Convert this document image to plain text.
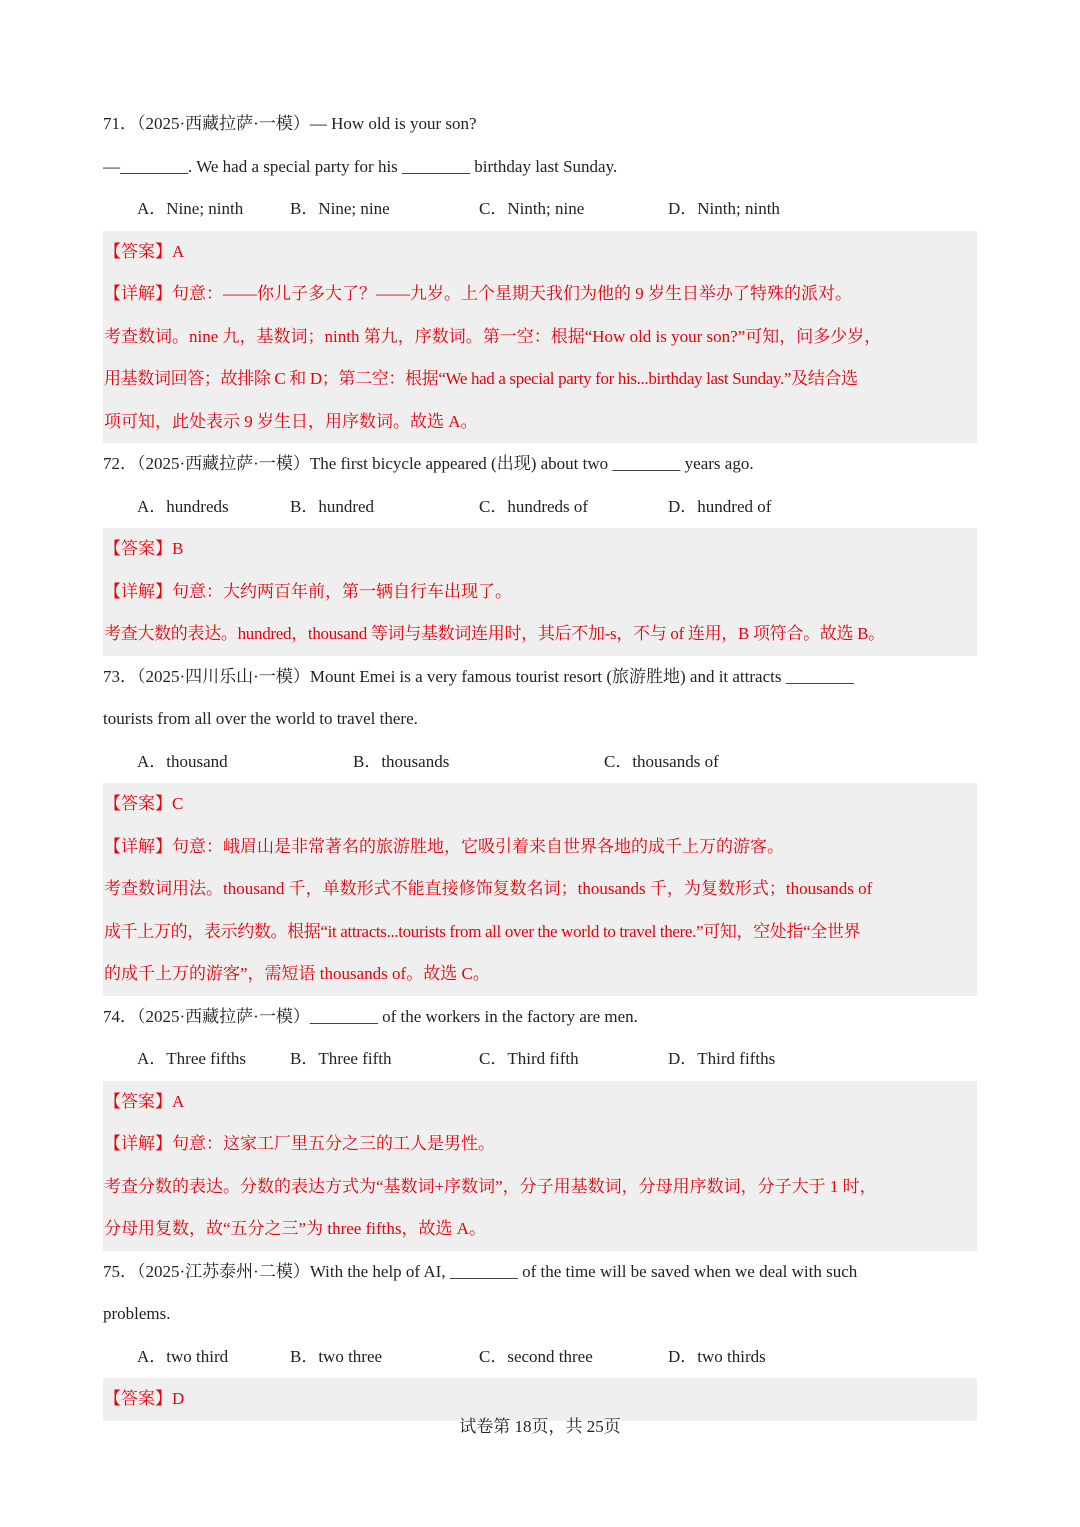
71．（2025·西藏拉萨·一模）— How old is your son?
—________. We had a special party for his ________ birthday last Sunday.
A．Nine; ninth	B．Nine; nine	C．Ninth; nine	D．Ninth; ninth
【答案】A
【详解】句意：——你儿子多大了？——九岁。上个星期天我们为他的 9 岁生日举办了特殊的派对。
考查数词。nine 九，基数词；ninth 第九，序数词。第一空：根据“How old is your son?”可知，问多少岁，
用基数词回答；故排除 C 和 D；第二空：根据“We had a special party for his...birthday last Sunday.”及结合选
项可知，此处表示 9 岁生日，用序数词。故选 A。
72．（2025·西藏拉萨·一模）The first bicycle appeared (出现) about two ________ years ago.
A．hundreds	B．hundred	C．hundreds of	D．hundred of
【答案】B
【详解】句意：大约两百年前，第一辆自行车出现了。
考查大数的表达。hundred，thousand 等词与基数词连用时，其后不加-s，不与 of 连用，B 项符合。故选 B。
73．（2025·四川乐山·一模）Mount Emei is a very famous tourist resort (旅游胜地) and it attracts ________
tourists from all over the world to travel there.
A．thousand	B．thousands	C．thousands of
【答案】C
【详解】句意：峨眉山是非常著名的旅游胜地，它吸引着来自世界各地的成千上万的游客。
考查数词用法。thousand 千，单数形式不能直接修饰复数名词；thousands 千，为复数形式；thousands of
成千上万的，表示约数。根据“it attracts...tourists from all over the world to travel there.”可知，空处指“全世界
的成千上万的游客”，需短语 thousands of。故选 C。
74．（2025·西藏拉萨·一模）________ of the workers in the factory are men.
A．Three fifths	B．Three fifth	C．Third fifth	D．Third fifths
【答案】A
【详解】句意：这家工厂里五分之三的工人是男性。
考查分数的表达。分数的表达方式为“基数词+序数词”，分子用基数词，分母用序数词，分子大于 1 时，
分母用复数，故“五分之三”为 three fifths，故选 A。
75．（2025·江苏泰州·二模）With the help of AI, ________ of the time will be saved when we deal with such
problems.
A．two third	B．two three	C．second three	D．two thirds
【答案】D
试卷第 18页，共 25页
